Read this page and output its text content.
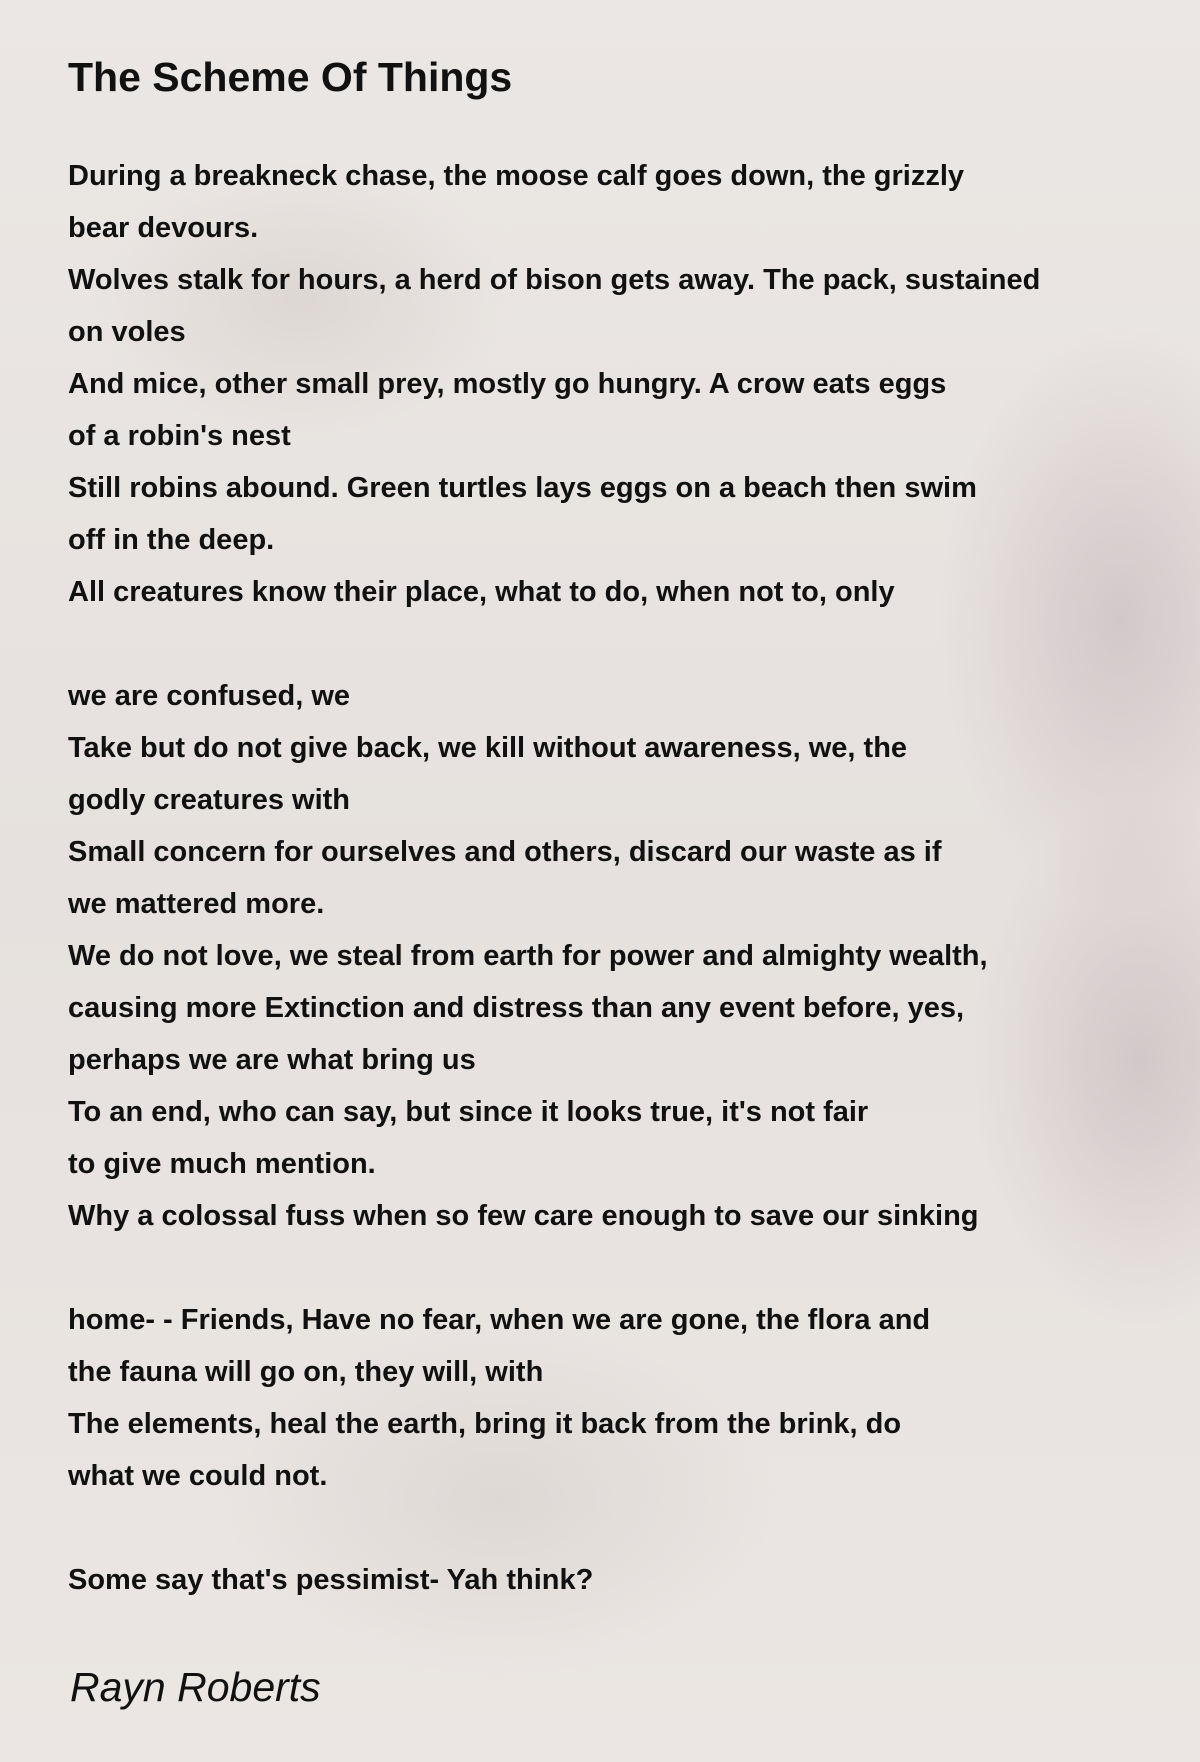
The Scheme Of Things
During a breakneck chase, the moose calf goes down, the grizzly
bear devours.
Wolves stalk for hours, a herd of bison gets away. The pack, sustained
on voles
And mice, other small prey, mostly go hungry. A crow eats eggs
of a robin's nest
Still robins abound. Green turtles lays eggs on a beach then swim
off in the deep.
All creatures know their place, what to do, when not to, only
we are confused, we
Take but do not give back, we kill without awareness, we, the
godly creatures with
Small concern for ourselves and others, discard our waste as if
we mattered more.
We do not love, we steal from earth for power and almighty wealth,
causing more Extinction and distress than any event before, yes,
perhaps we are what bring us
To an end, who can say, but since it looks true, it's not fair
to give much mention.
Why a colossal fuss when so few care enough to save our sinking
home- - Friends, Have no fear, when we are gone, the flora and
the fauna will go on, they will, with
The elements, heal the earth, bring it back from the brink, do
what we could not.
Some say that's pessimist- Yah think?

Rayn Roberts
